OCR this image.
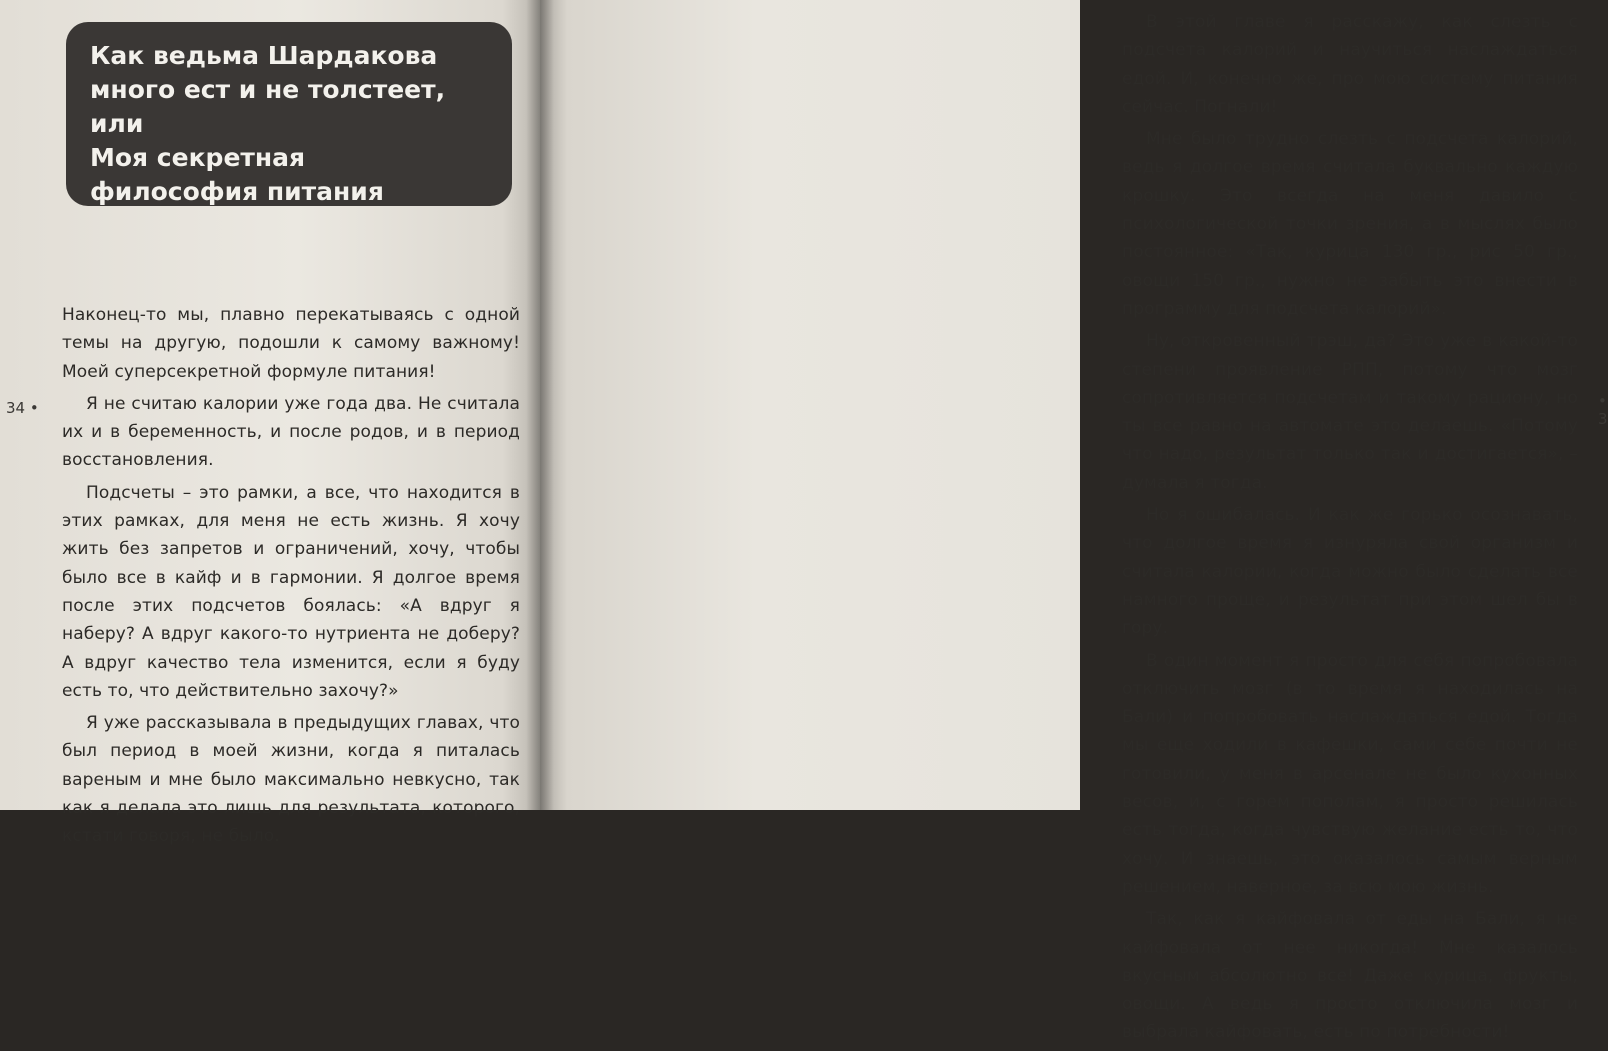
Как ведьма Шардакова
много ест и не толстеет,
или
Моя секретная
философия питания

Наконец-то мы, плавно перекатываясь с одной темы на другую, подошли к самому важному! Моей суперсекретной формуле питания!

Я не считаю калории уже года два. Не считала их и в беременность, и после родов, и в период восстановления.

Подсчеты – это рамки, а все, что находится в этих рамках, для меня не есть жизнь. Я хочу жить без запретов и ограничений, хочу, чтобы было все в кайф и в гармонии. Я долгое время после этих подсчетов боялась: «А вдруг я наберу? А вдруг какого-то нутриента не доберу? А вдруг качество тела изменится, если я буду есть то, что действительно захочу?»

Я уже рассказывала в предыдущих главах, что был период в моей жизни, когда я питалась вареным и мне было максимально невкусно, так как я делала это лишь для результата, которого, кстати говоря, не было.

34 •

В этой главе я расскажу, как слезть с подсчета калорий и научиться наслаждаться едой. И, конечно же, про мою систему питания сейчас. Погнали!

Мне было трудно слезть с подсчета калорий, ведь я долгое время считала буквально каждую крошку. Это всегда на меня давило с психологической точки зрения, а в мыслях было постоянное: «Так, курица 130 гр., рис 50 гр., овощи 150 гр., нужно не забыть это внести в программу для подсчета калорий».

Ну, откровенный трэш, да? Это уже в какой-то степени проявление РПП, потому что мозг сопротивляется подсчетам и такому рациону, но ты все равно на автомате это делаешь. «Потому что надо, результат только так и достигается», – думала я тогда.

Но я ошибалась. И как же горько осознавать, что долгое время я изнуряла свой организм и считала калории, когда можно было сделать все намного проще, и результат при этом шел бы в гору.

В один момент я просто для себя попробовала отключить мозг (в то время я находилась на Бали) и попробовать наслаждаться едой. Тогда мы еще ходили в кафешки, сами себе почти не готовили, у меня в арсенале не было кухонных весов, и, с горем пополам, я просто решилась есть тогда, когда чувствую желание есть то, что хочу. И знаешь, это оказалось самым верным решением, наверное, за всю мою жизнь.

Так, как я кайфовала от еды на Бали, я не кайфовала от нее никогда! Мне казалось вкусным абсолютно все! Даже курица, фрукты, овощи. А ведь я просто отключила мозг и выбрала кайфовать, есть по потребности!

• 3
